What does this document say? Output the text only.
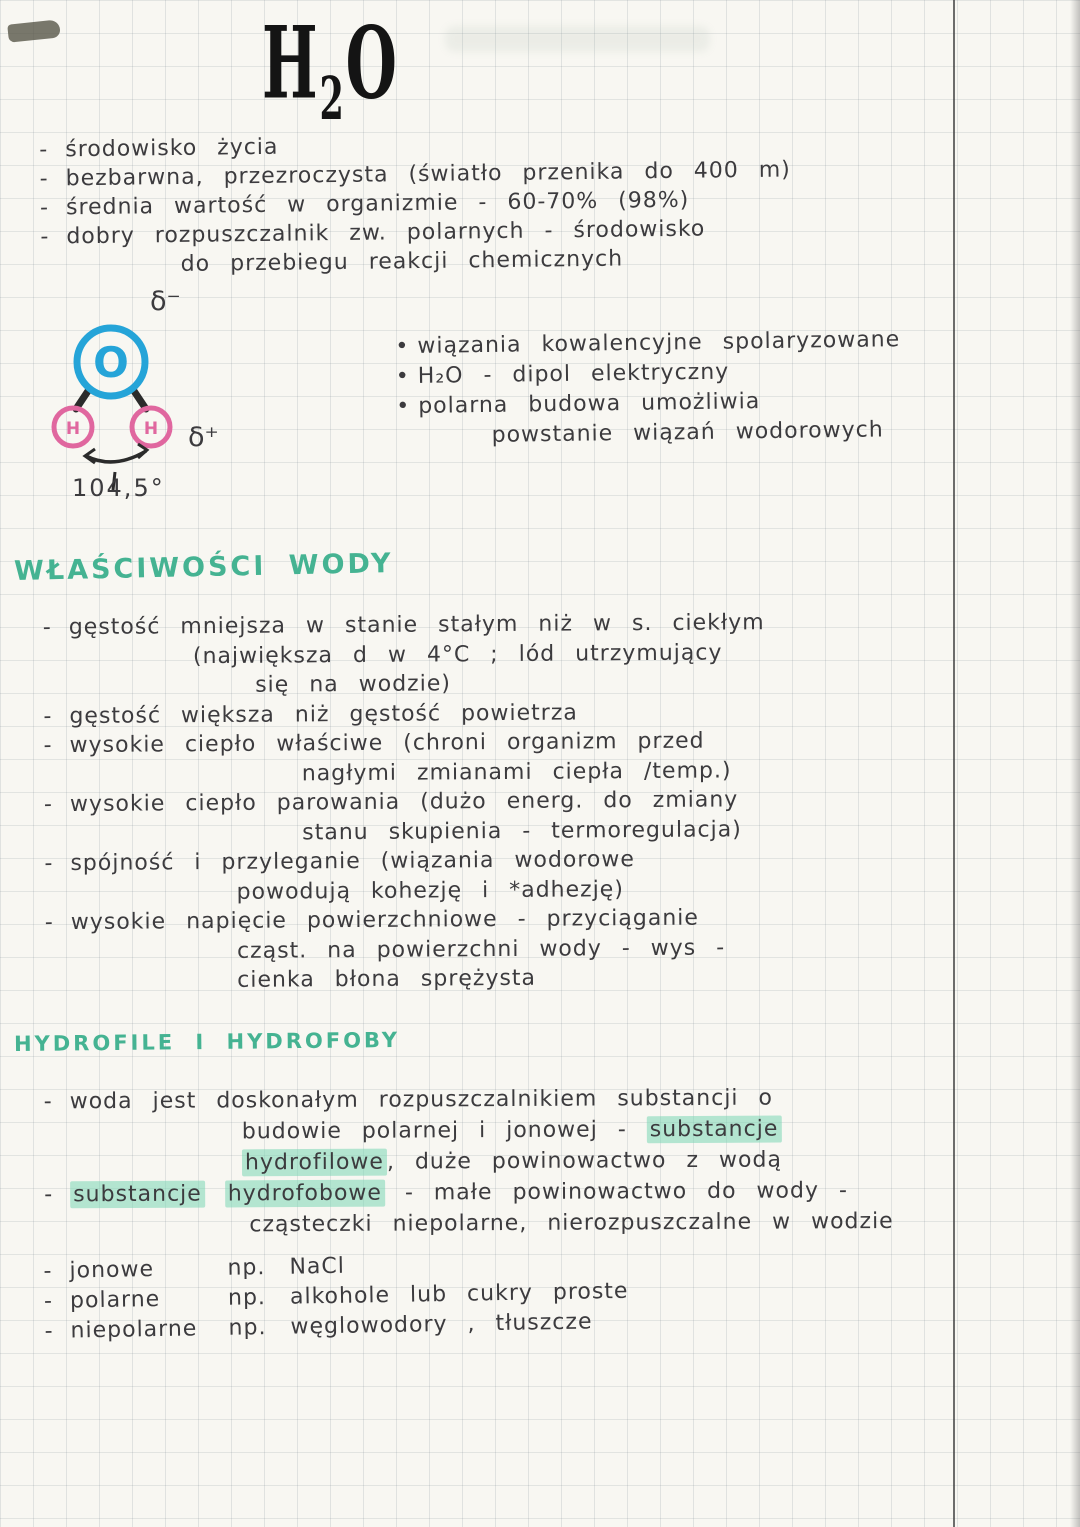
H2O
- środowisko życia
- bezbarwna, przezroczysta (światło przenika do 400 m)
- średnia wartość w organizmie - 60-70% (98%)
- dobry rozpuszczalnik zw. polarnych - środowisko
do przebiegu reakcji chemicznych
O
H	H
δ⁻
δ⁺
104,5°
• wiązania kowalencyjne spolaryzowane
• H₂O - dipol elektryczny
• polarna budowa umożliwia
powstanie wiązań wodorowych
WŁAŚCIWOŚCI WODY
- gęstość mniejsza w stanie stałym niż w s. ciekłym
(największa d w 4°C ; lód utrzymujący
się na wodzie)
- gęstość większa niż gęstość powietrza
- wysokie ciepło właściwe (chroni organizm przed
nagłymi zmianami ciepła /temp.)
- wysokie ciepło parowania (dużo energ. do zmiany
stanu skupienia - termoregulacja)
- spójność i przyleganie (wiązania wodorowe
powodują kohezję i *adhezję)
- wysokie napięcie powierzchniowe - przyciąganie
cząst. na powierzchni wody - wys -
cienka błona sprężysta
HYDROFILE I HYDROFOBY
- woda jest doskonałym rozpuszczalnikiem substancji o
budowie polarnej i jonowej - substancje
hydrofilowe , duże powinowactwo z wodą
- substancje hydrofobowe - małe powinowactwo do wody -
cząsteczki niepolarne, nierozpuszczalne w wodzie
- jonowe	np. NaCl
- polarne	np. alkohole lub cukry proste
- niepolarne np. węglowodory , tłuszcze
